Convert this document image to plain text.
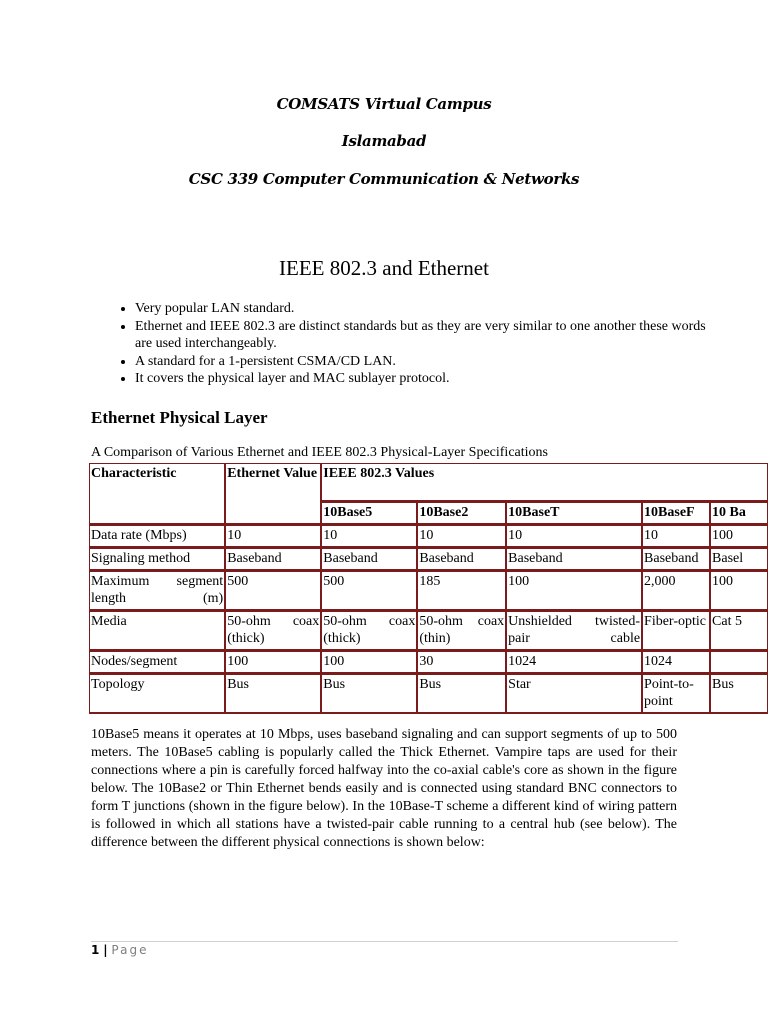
COMSATS Virtual Campus
Islamabad
CSC 339 Computer Communication & Networks
IEEE 802.3 and Ethernet
• Very popular LAN standard.
• Ethernet and IEEE 802.3 are distinct standards but as they are very similar to one another these words are used interchangeably.
• A standard for a 1-persistent CSMA/CD LAN.
• It covers the physical layer and MAC sublayer protocol.
Ethernet Physical Layer
A Comparison of Various Ethernet and IEEE 802.3 Physical-Layer Specifications
Characteristic	Ethernet Value	IEEE 802.3 Values				
		10Base5	10Base2	10BaseT	10BaseF	10 Ba
Data rate (Mbps)	10	10	10	10	10	100
Signaling method	Baseband	Baseband	Baseband	Baseband	Baseband	Basel
Maximum segment length (m)	500	500	185	100	2,000	100
Media	50-ohm coax (thick)	50-ohm coax (thick)	50-ohm coax (thin)	Unshielded twisted-pair cable	Fiber-optic	Cat 5
Nodes/segment	100	100	30	1024	1024	
Topology	Bus	Bus	Bus	Star	Point-to-point	Bus

10Base5 means it operates at 10 Mbps, uses baseband signaling and can support segments of up to 500 meters. The 10Base5 cabling is popularly called the Thick Ethernet. Vampire taps are used for their connections where a pin is carefully forced halfway into the co-axial cable's core as shown in the figure below. The 10Base2 or Thin Ethernet bends easily and is connected using standard BNC connectors to form T junctions (shown in the figure below). In the 10Base-T scheme a different kind of wiring pattern is followed in which all stations have a twisted-pair cable running to a central hub (see below). The difference between the different physical connections is shown below:

1 | Page
